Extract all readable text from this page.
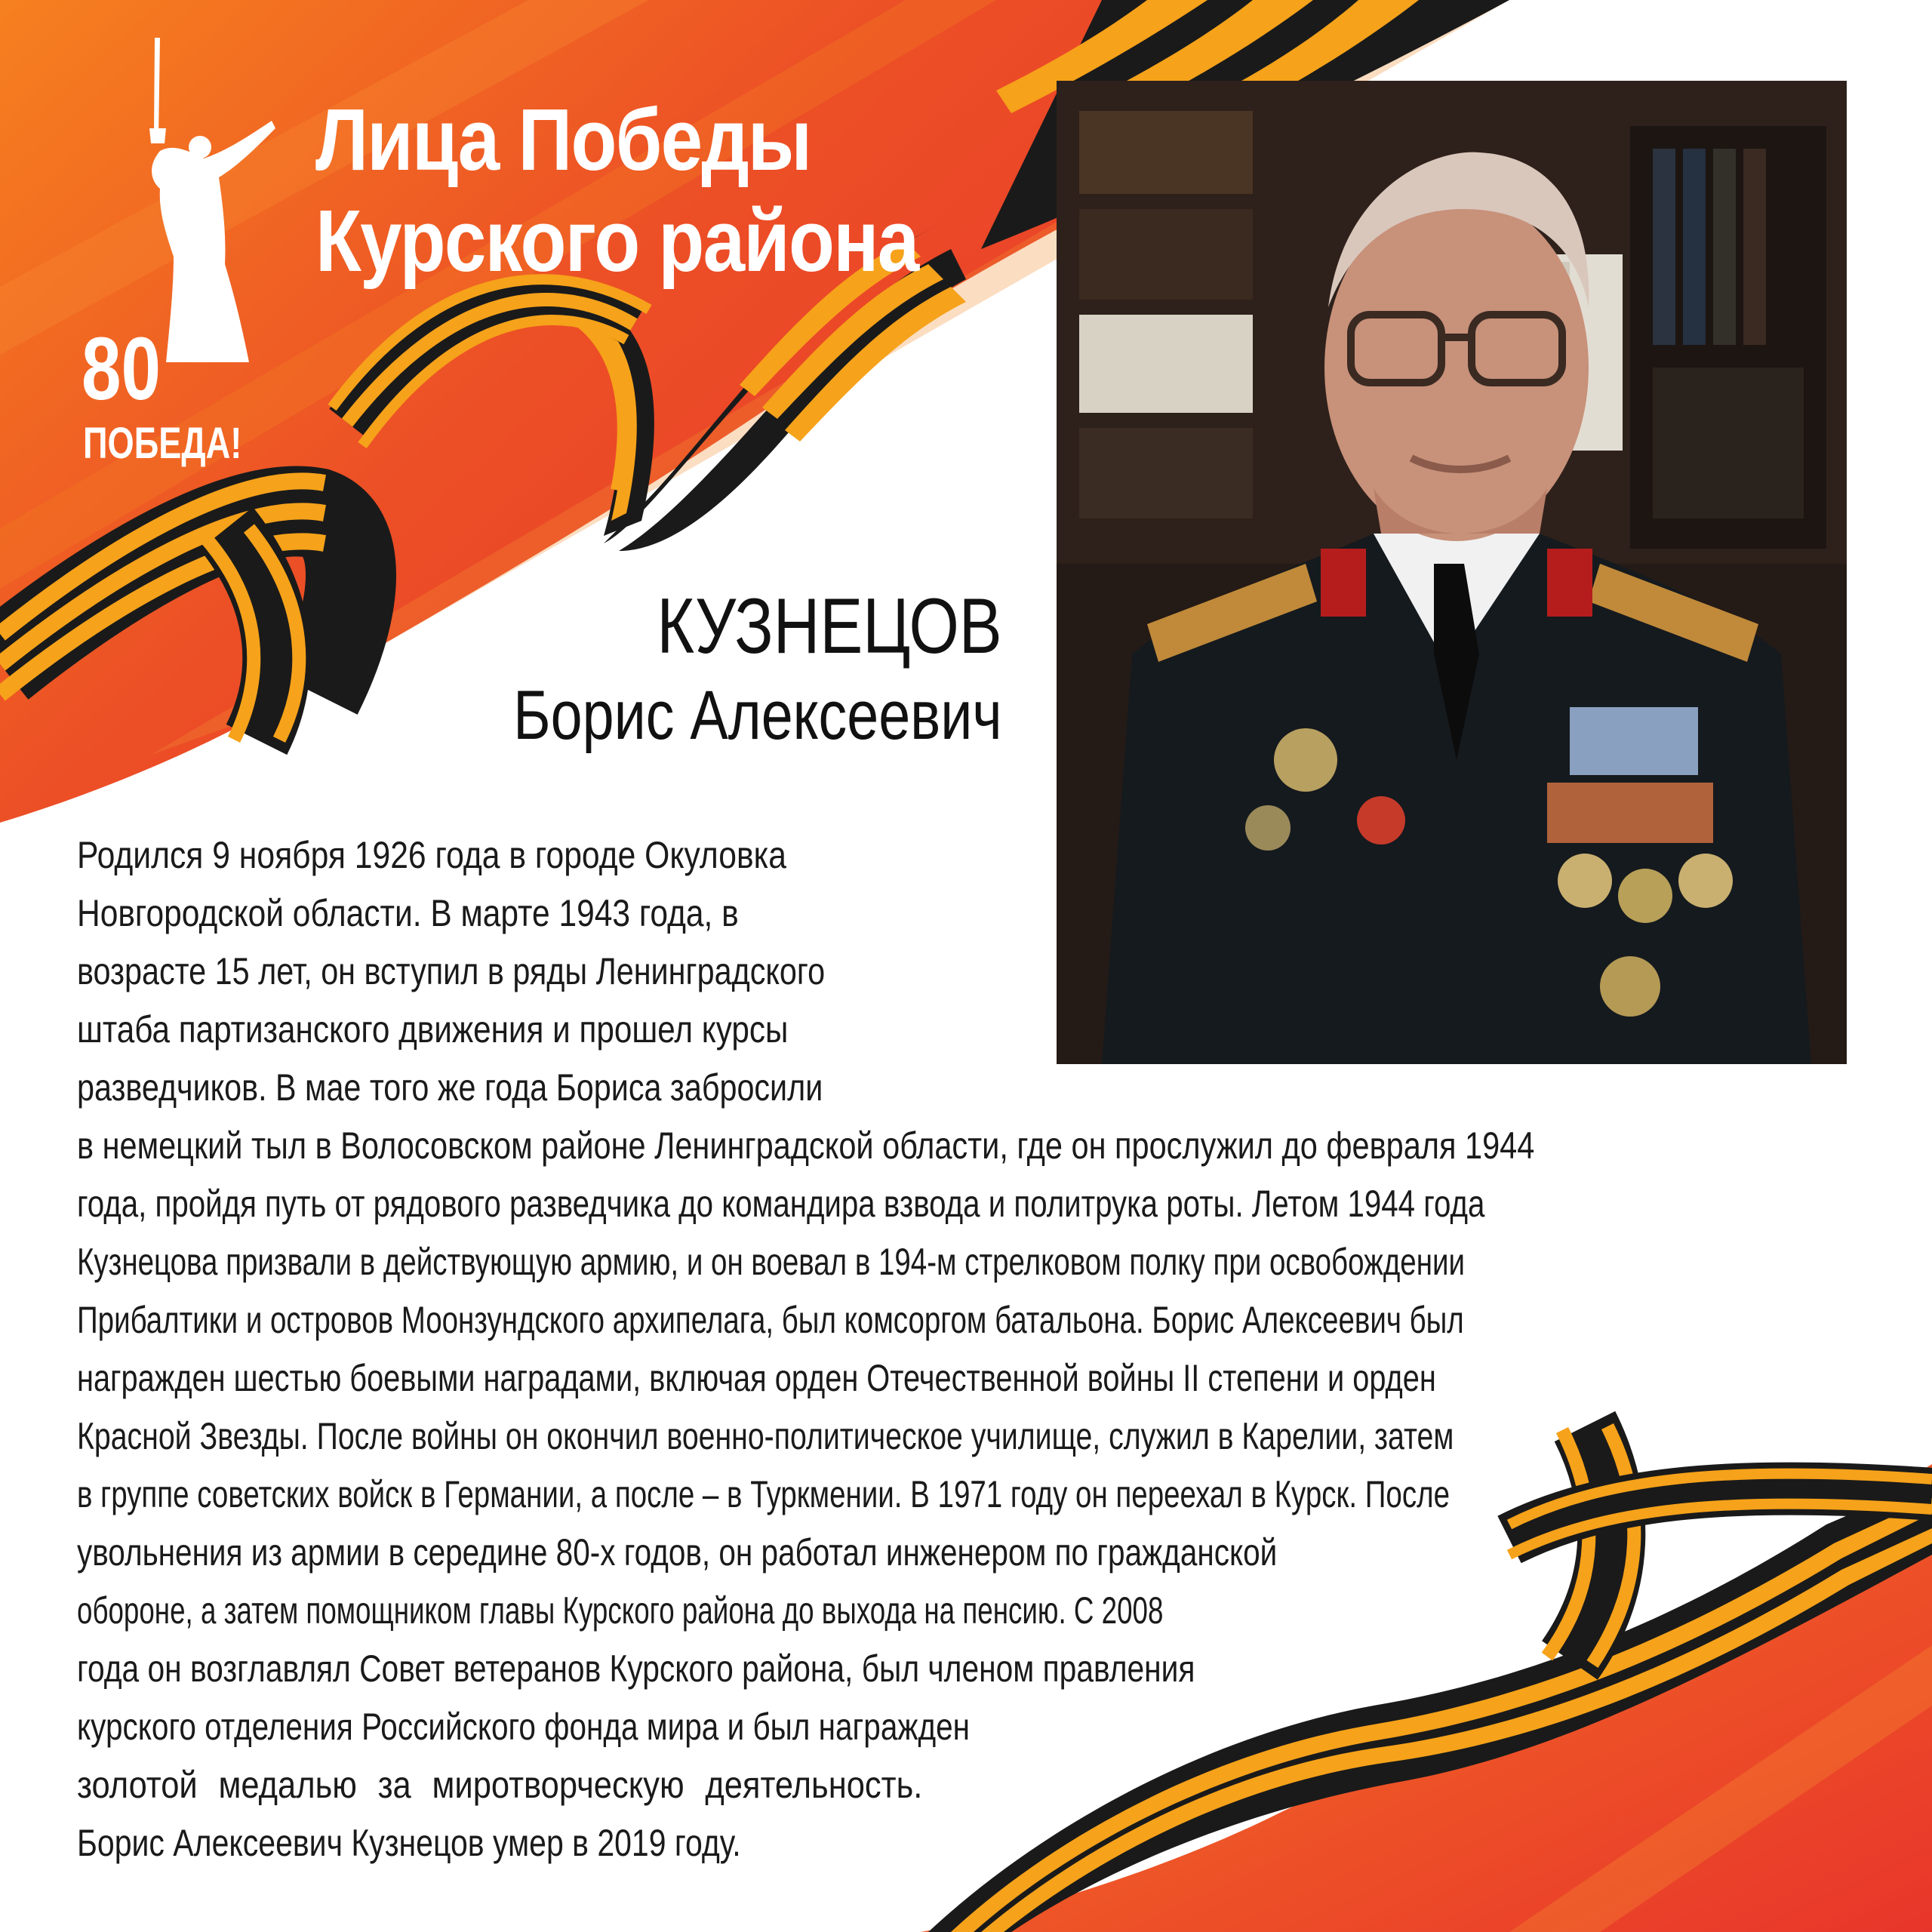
80
ПОБЕДА!
Лица Победы
Курского района
КУЗНЕЦОВ
Борис Алексеевич
Родился 9 ноября 1926 года в городе Окуловка
Новгородской области. В марте 1943 года, в
возрасте 15 лет, он вступил в ряды Ленинградского
штаба партизанского движения и прошел курсы
разведчиков. В мае того же года Бориса забросили
в немецкий тыл в Волосовском районе Ленинградской области, где он прослужил до февраля 1944
года, пройдя путь от рядового разведчика до командира взвода и политрука роты. Летом 1944 года
Кузнецова призвали в действующую армию, и он воевал в 194-м стрелковом полку при освобождении
Прибалтики и островов Моонзундского архипелага, был комсоргом батальона. Борис Алексеевич был
награжден шестью боевыми наградами, включая орден Отечественной войны II степени и орден
Красной Звезды. После войны он окончил военно-политическое училище, служил в Карелии, затем
в группе советских войск в Германии, а после – в Туркмении. В 1971 году он переехал в Курск. После
увольнения из армии в середине 80-х годов, он работал инженером по гражданской
обороне, а затем помощником главы Курского района до выхода на пенсию. С 2008
года он возглавлял Совет ветеранов Курского района, был членом правления
курского отделения Российского фонда мира и был награжден
золотой медалью за миротворческую деятельность.
Борис Алексеевич Кузнецов умер в 2019 году.
